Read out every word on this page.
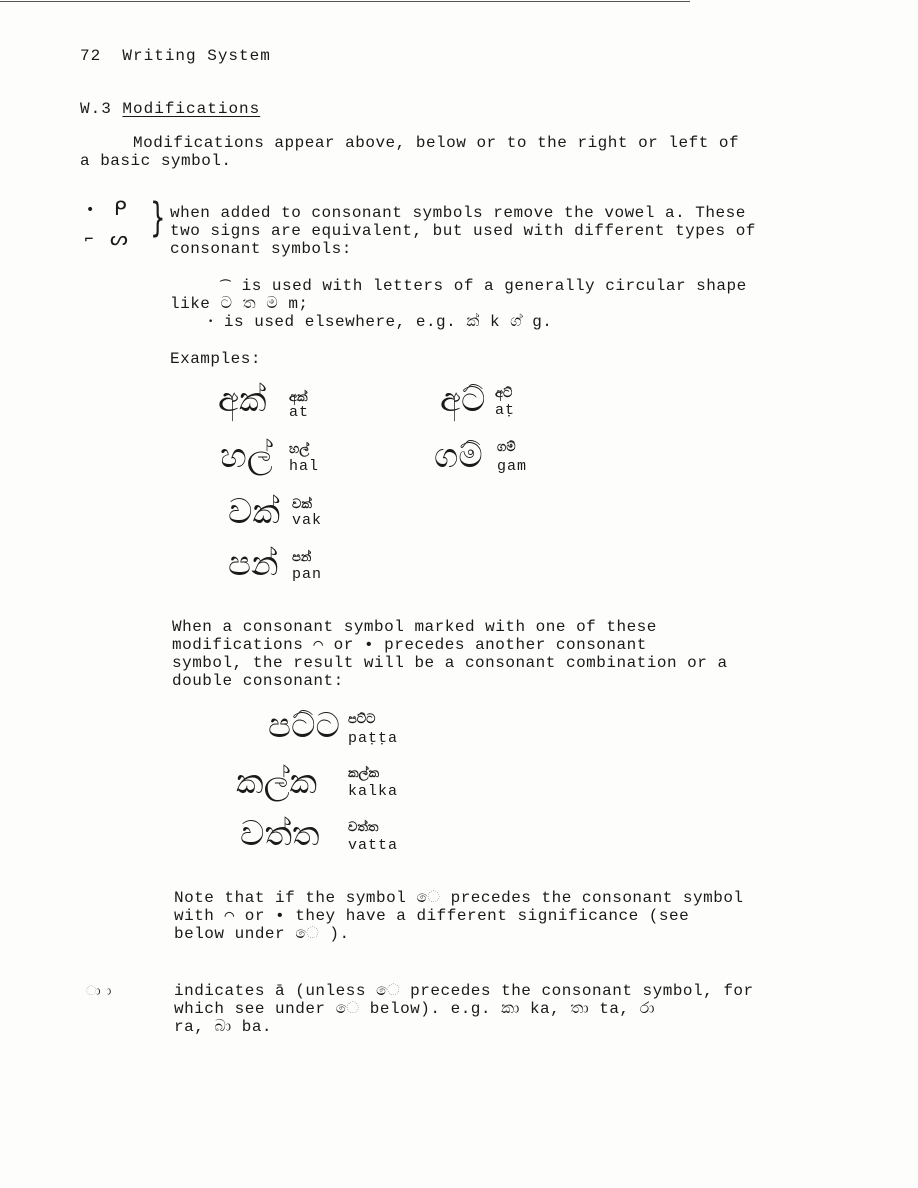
72 Writing System
W.3 Modifications
Modifications appear above, below or to the right or left of
a basic symbol.
• ᑭ
⌐ ᔕ } when added to consonant symbols remove the vowel a. These
two signs are equivalent, but used with different types of
consonant symbols:
⌒ is used with letters of a generally circular shape
like ට ත ම m;
• is used elsewhere, e.g. ක් k ග් g.
Examples:
අක් අක්
at
හල් හල්
hal
වක් වක්
vak
පන් පන්
pan
අට් අට්
aṭ
ගම් ගම්
gam
When a consonant symbol marked with one of these
modifications ⌒ or • precedes another consonant
symbol, the result will be a consonant combination or a
double consonant:
පට්ට පට්ට
paṭṭa
කල්ක කල්ක
kalka
වත්ත වත්ත
vatta
Note that if the symbol ෙ precedes the consonant symbol
with ⌒ or • they have a different significance (see
below under ෙ ).
ා ා	indicates ā (unless ෙ precedes the consonant symbol, for
which see under ෙ below). e.g. කා ka, තා ta, රා
ra, බා ba.
